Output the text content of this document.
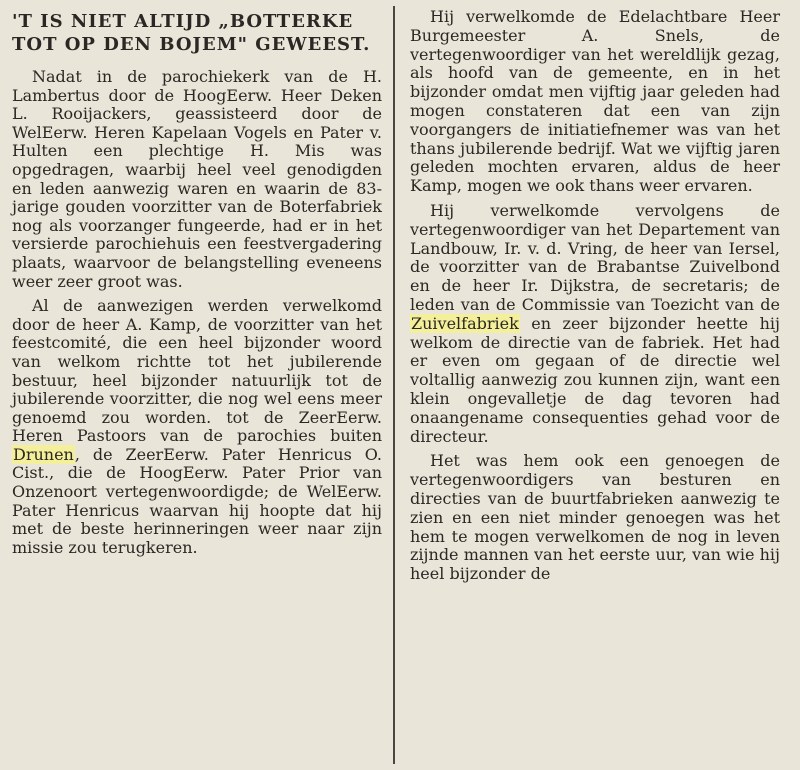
'T IS NIET ALTIJD „BOTTERKE TOT OP DEN BOJEM" GEWEEST.

Nadat in de parochiekerk van de H. Lambertus door de HoogEerw. Heer Deken L. Rooijackers, geassisteerd door de WelEerw. Heren Kapelaan Vogels en Pater v. Hulten een plechtige H. Mis was opgedragen, waarbij heel veel genodigden en leden aanwezig waren en waarin de 83-jarige gouden voorzitter van de Boterfabriek nog als voorzanger fungeerde, had er in het versierde parochiehuis een feestvergadering plaats, waarvoor de belangstelling eveneens weer zeer groot was.

Al de aanwezigen werden verwelkomd door de heer A. Kamp, de voorzitter van het feestcomité, die een heel bijzonder woord van welkom richtte tot het jubilerende bestuur, heel bijzonder natuurlijk tot de jubilerende voorzitter, die nog wel eens meer genoemd zou worden. tot de ZeerEerw. Heren Pastoors van de parochies buiten Drunen, de ZeerEerw. Pater Henricus O. Cist., die de HoogEerw. Pater Prior van Onzenoort vertegenwoordigde; de WelEerw. Pater Henricus waarvan hij hoopte dat hij met de beste herinneringen weer naar zijn missie zou terugkeren.

Hij verwelkomde de Edelachtbare Heer Burgemeester A. Snels, de vertegenwoordiger van het wereldlijk gezag, als hoofd van de gemeente, en in het bijzonder omdat men vijftig jaar geleden had mogen constateren dat een van zijn voorgangers de initiatiefnemer was van het thans jubilerende bedrijf. Wat we vijftig jaren geleden mochten ervaren, aldus de heer Kamp, mogen we ook thans weer ervaren.

Hij verwelkomde vervolgens de vertegenwoordiger van het Departement van Landbouw, Ir. v. d. Vring, de heer van Iersel, de voorzitter van de Brabantse Zuivelbond en de heer Ir. Dijkstra, de secretaris; de leden van de Commissie van Toezicht van de Zuivelfabriek en zeer bijzonder heette hij welkom de directie van de fabriek. Het had er even om gegaan of de directie wel voltallig aanwezig zou kunnen zijn, want een klein ongevalletje de dag tevoren had onaangename consequenties gehad voor de directeur.

Het was hem ook een genoegen de vertegenwoordigers van besturen en directies van de buurtfabrieken aanwezig te zien en een niet minder genoegen was het hem te mogen verwelkomen de nog in leven zijnde mannen van het eerste uur, van wie hij heel bijzonder de
